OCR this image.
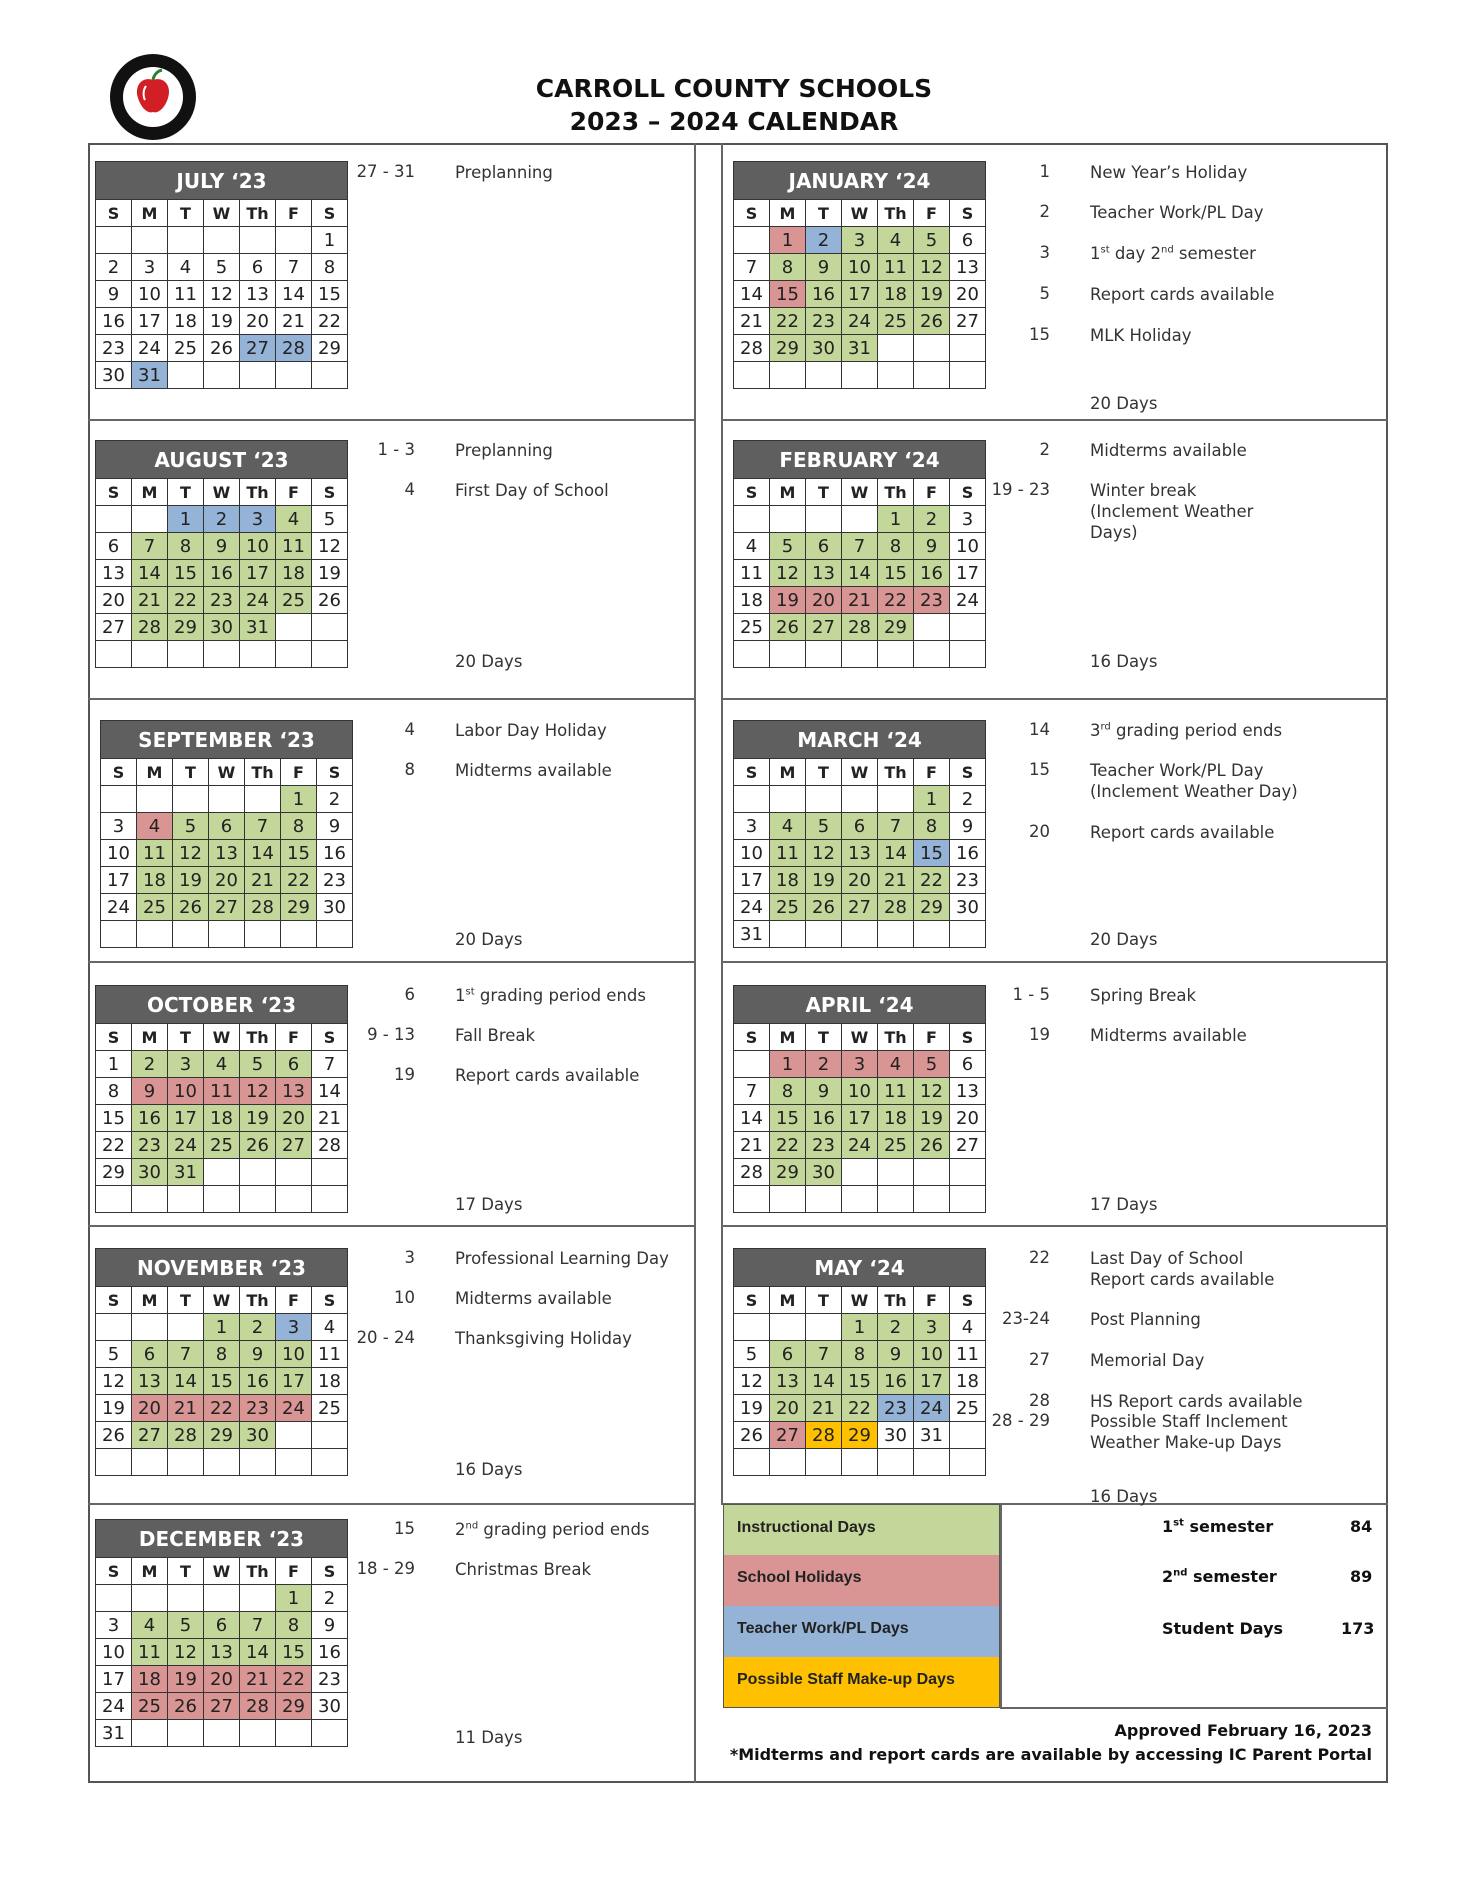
CARROLL COUNTY SCHOOLS
2023 – 2024 CALENDAR
JULY ‘23						
S	M	T	W	Th	F	S
						1
2	3	4	5	6	7	8
9	10	11	12	13	14	15
16	17	18	19	20	21	22
23	24	25	26	27	28	29
30	31					
27 - 31 Preplanning
AUGUST ‘23						
S	M	T	W	Th	F	S
		1	2	3	4	5
6	7	8	9	10	11	12
13	14	15	16	17	18	19
20	21	22	23	24	25	26
27	28	29	30	31		

1 - 3 Preplanning
4 First Day of School
20 Days
SEPTEMBER ‘23						
S	M	T	W	Th	F	S
					1	2
3	4	5	6	7	8	9
10	11	12	13	14	15	16
17	18	19	20	21	22	23
24	25	26	27	28	29	30

4 Labor Day Holiday
8 Midterms available
20 Days
OCTOBER ‘23						
S	M	T	W	Th	F	S
1	2	3	4	5	6	7
8	9	10	11	12	13	14
15	16	17	18	19	20	21
22	23	24	25	26	27	28
29	30	31				

6 1st grading period ends
9 - 13 Fall Break
19 Report cards available
17 Days
NOVEMBER ‘23						
S	M	T	W	Th	F	S
			1	2	3	4
5	6	7	8	9	10	11
12	13	14	15	16	17	18
19	20	21	22	23	24	25
26	27	28	29	30		

3 Professional Learning Day
10 Midterms available
20 - 24 Thanksgiving Holiday
16 Days
DECEMBER ‘23						
S	M	T	W	Th	F	S
					1	2
3	4	5	6	7	8	9
10	11	12	13	14	15	16
17	18	19	20	21	22	23
24	25	26	27	28	29	30
31						
15 2nd grading period ends
18 - 29 Christmas Break
11 Days
JANUARY ‘24						
S	M	T	W	Th	F	S
	1	2	3	4	5	6
7	8	9	10	11	12	13
14	15	16	17	18	19	20
21	22	23	24	25	26	27
28	29	30	31			

1 New Year’s Holiday
2 Teacher Work/PL Day
3 1st day 2nd semester
5 Report cards available
15 MLK Holiday
20 Days
FEBRUARY ‘24						
S	M	T	W	Th	F	S
				1	2	3
4	5	6	7	8	9	10
11	12	13	14	15	16	17
18	19	20	21	22	23	24
25	26	27	28	29		

2 Midterms available
19 - 23 Winter break (Inclement Weather Days)
16 Days
MARCH ‘24						
S	M	T	W	Th	F	S
					1	2
3	4	5	6	7	8	9
10	11	12	13	14	15	16
17	18	19	20	21	22	23
24	25	26	27	28	29	30
31						
14 3rd grading period ends
15 Teacher Work/PL Day (Inclement Weather Day)
20 Report cards available
20 Days
APRIL ‘24						
S	M	T	W	Th	F	S
	1	2	3	4	5	6
7	8	9	10	11	12	13
14	15	16	17	18	19	20
21	22	23	24	25	26	27
28	29	30				

1 - 5 Spring Break
19 Midterms available
17 Days
MAY ‘24						
S	M	T	W	Th	F	S
			1	2	3	4
5	6	7	8	9	10	11
12	13	14	15	16	17	18
19	20	21	22	23	24	25
26	27	28	29	30	31	

22 Last Day of School Report cards available
23-24 Post Planning
27 Memorial Day
28 HS Report cards available
28 - 29 Possible Staff Inclement Weather Make-up Days
16 Days
Instructional Days
School Holidays
Teacher Work/PL Days
Possible Staff Make-up Days
1st semester	84
2nd semester	89
Student Days	173
Approved February 16, 2023
*Midterms and report cards are available by accessing IC Parent Portal
